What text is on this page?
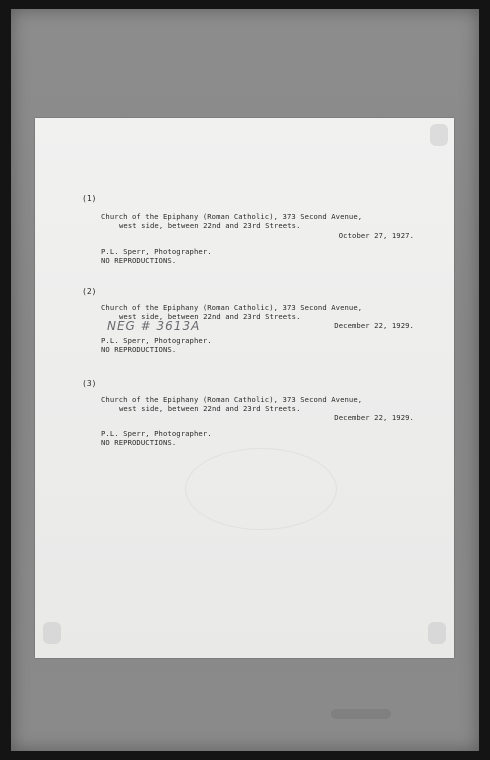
(1)
Church of the Epiphany (Roman Catholic), 373 Second Avenue,
west side, between 22nd and 23rd Streets.
October 27, 1927.
P.L. Sperr, Photographer.
NO REPRODUCTIONS.
(2)
Church of the Epiphany (Roman Catholic), 373 Second Avenue,
west side, between 22nd and 23rd Streets.
December 22, 1929.
NEG # 3613A
P.L. Sperr, Photographer.
NO REPRODUCTIONS.
(3)
Church of the Epiphany (Roman Catholic), 373 Second Avenue,
west side, between 22nd and 23rd Streets.
December 22, 1929.
P.L. Sperr, Photographer.
NO REPRODUCTIONS.
